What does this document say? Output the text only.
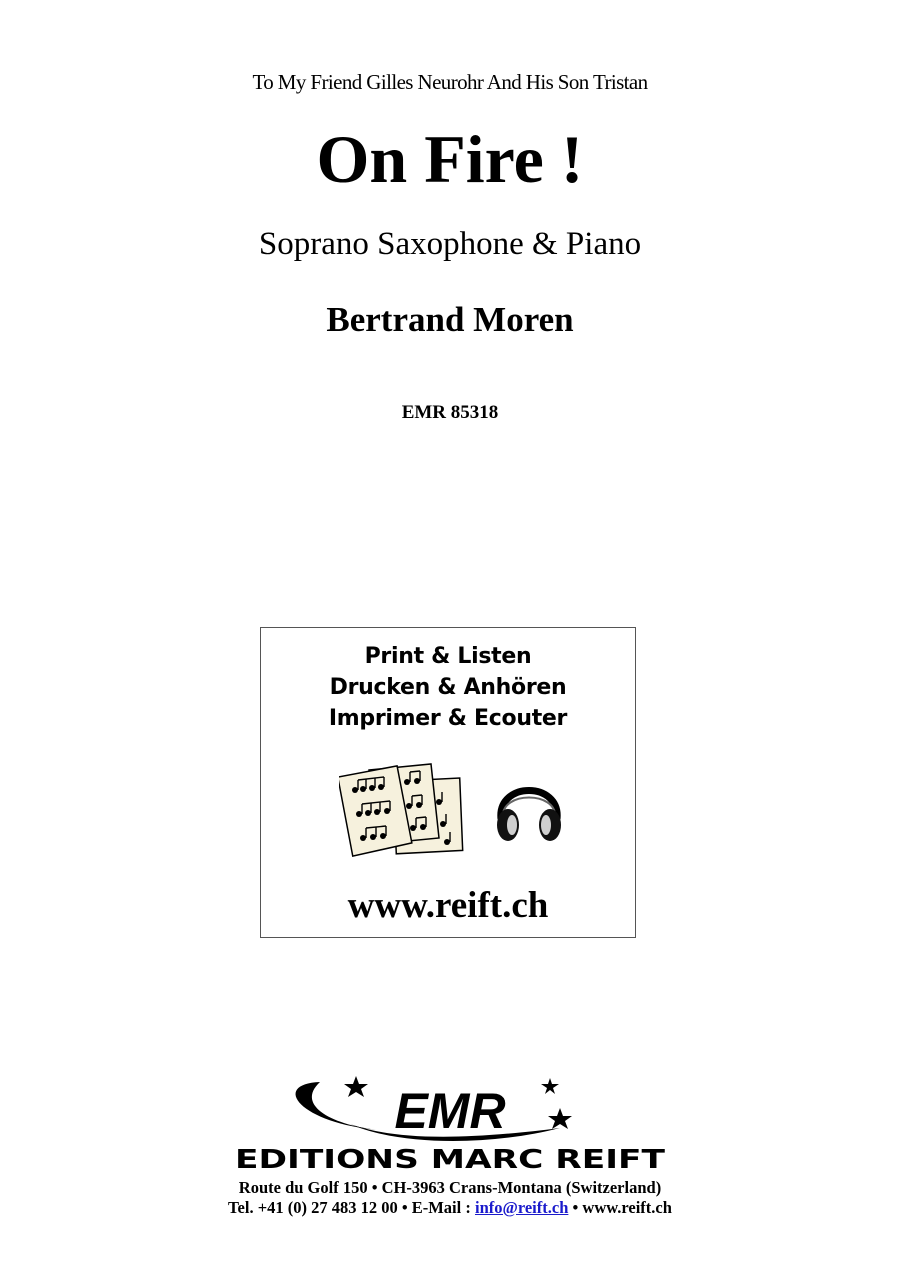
To My Friend Gilles Neurohr And His Son Tristan
On Fire !
Soprano Saxophone & Piano
Bertrand Moren
EMR 85318
Print & Listen
Drucken & Anhören
Imprimer & Ecouter
www.reift.ch
EMR
EDITIONS MARC REIFT
Route du Golf 150 • CH-3963 Crans-Montana (Switzerland)
Tel. +41 (0) 27 483 12 00 • E-Mail : info@reift.ch • www.reift.ch
